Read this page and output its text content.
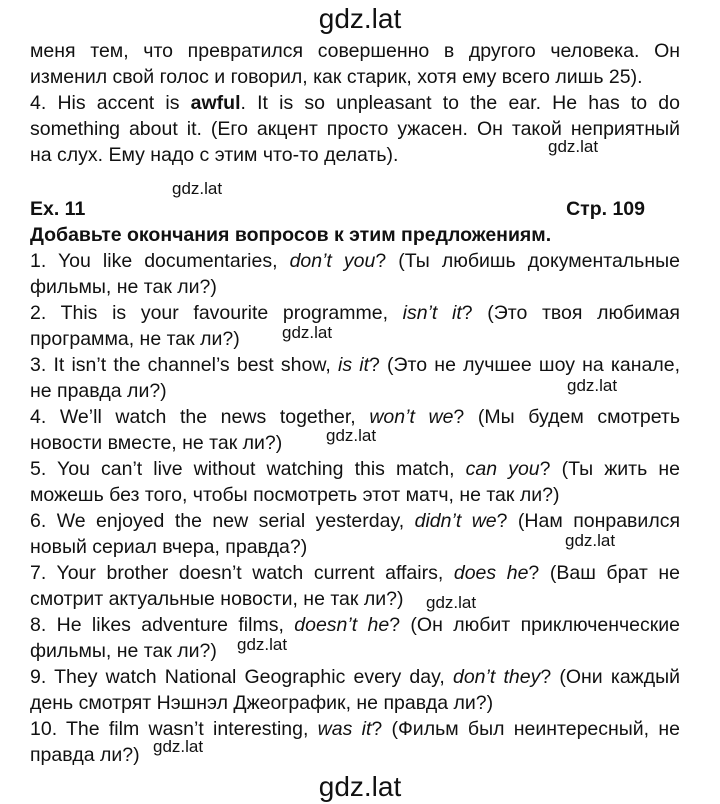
gdz.lat
меня тем, что превратился совершенно в другого человека. Он
изменил свой голос и говорил, как старик, хотя ему всего лишь 25).
4. His accent is awful. It is so unpleasant to the ear. He has to do
something about it. (Его акцент просто ужасен. Он такой неприятный
на слух. Ему надо с этим что-то делать).	gdz.lat
gdz.lat
Ex. 11	Стр. 109
Добавьте окончания вопросов к этим предложениям.
1. You like documentaries, don’t you? (Ты любишь документальные
фильмы, не так ли?)
2. This is your favourite programme, isn’t it? (Это твоя любимая
программа, не так ли?)	gdz.lat
3. It isn’t the channel’s best show, is it? (Это не лучшее шоу на канале,
не правда ли?)	gdz.lat
4. We’ll watch the news together, won’t we? (Мы будем смотреть
новости вместе, не так ли?)	gdz.lat
5. You can’t live without watching this match, can you? (Ты жить не
можешь без того, чтобы посмотреть этот матч, не так ли?)
6. We enjoyed the new serial yesterday, didn’t we? (Нам понравился
новый сериал вчера, правда?)	gdz.lat
7. Your brother doesn’t watch current affairs, does he? (Ваш брат не
смотрит актуальные новости, не так ли?)	gdz.lat
8. He likes adventure films, doesn’t he? (Он любит приключенческие
фильмы, не так ли?)	gdz.lat
9. They watch National Geographic every day, don’t they? (Они каждый
день смотрят Нэшнэл Джеографик, не правда ли?)
10. The film wasn’t interesting, was it? (Фильм был неинтересный, не
правда ли?) gdz.lat
gdz.lat
